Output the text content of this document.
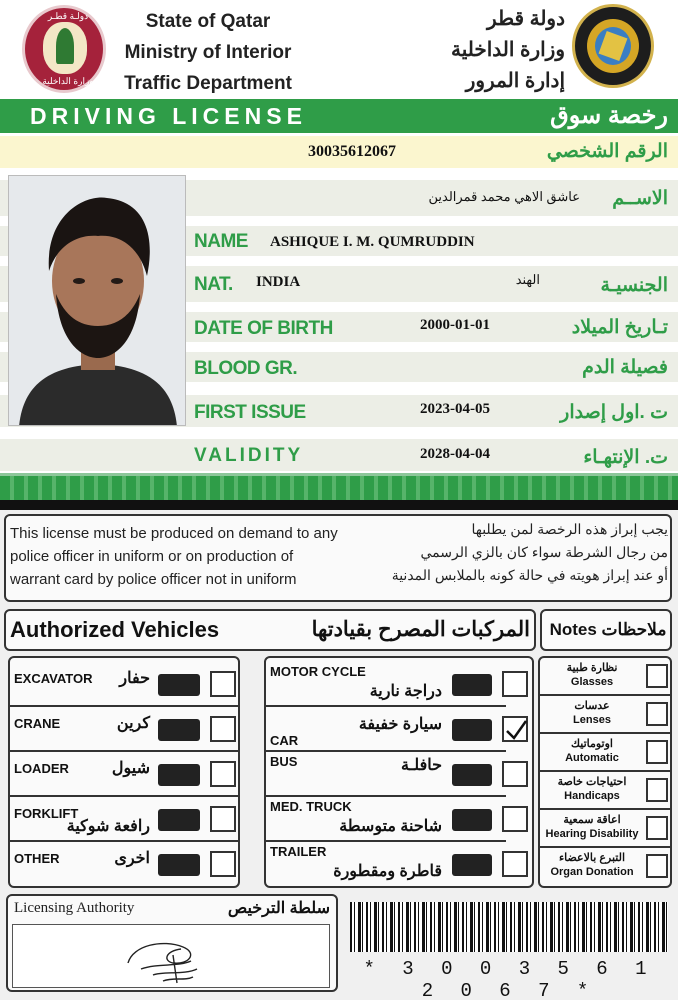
دولـة قطـر
وزارة الداخلية
State of Qatar
Ministry of Interior
Traffic Department
دولة قطر
وزارة الداخلية
إدارة المرور
DRIVING LICENSE	رخصة سوق
30035612067	الرقم الشخصي
عاشق الاهي محمد قمرالدين	الاســم
NAME ASHIQUE I. M. QUMRUDDIN
NAT. INDIA	الهند	الجنسيـة
DATE OF BIRTH	2000-01-01	تـاريخ الميلاد
BLOOD GR.	فصيلة الدم
FIRST ISSUE	2023-04-05	ت .اول إصدار
VALIDITY	2028-04-04	ت. الإنتهـاء
This license must be produced on demand to any
police officer in uniform or on production of
warrant card by police officer not in uniform
يجب إبراز هذه الرخصة لمن يطلبها
من رجال الشرطة سواء كان بالزي الرسمي
أو عند إبراز هويته في حالة كونه بالملابس المدنية
Authorized Vehicles	المركبات المصرح بقيادتها Notes ملاحظات
Licensing Authority	سلطة الترخيص
* 3 0 0 3 5 6 1 2 0 6 7 *
EXCAVATOR	حفار
CRANE	كرين
LOADER	شيول
FORKLIFT
رافعة شوكية
OTHER	اخرى
MOTOR CYCLE
دراجة نارية
CAR
سيارة خفيفة
BUS	حافلـة
MED. TRUCK
شاحنة متوسطة
TRAILER
قاطرة ومقطورة
نظارة طبية
Glasses
عدسات
Lenses
اوتوماتيك
Automatic
احتياجات خاصة
Handicaps
اعاقة سمعية
Hearing Disability
التبرع بالاعضاء
Organ Donation
